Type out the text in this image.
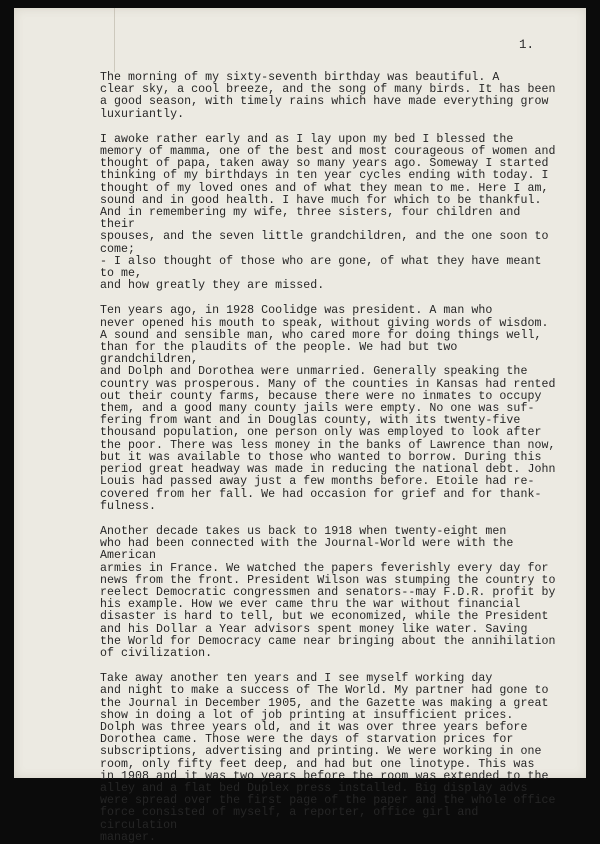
1.

The morning of my sixty-seventh birthday was beautiful. A
clear sky, a cool breeze, and the song of many birds. It has been
a good season, with timely rains which have made everything grow
luxuriantly.

I awoke rather early and as I lay upon my bed I blessed the
memory of mamma, one of the best and most courageous of women and
thought of papa, taken away so many years ago. Someway I started
thinking of my birthdays in ten year cycles ending with today. I
thought of my loved ones and of what they mean to me. Here I am,
sound and in good health. I have much for which to be thankful.
And in remembering my wife, three sisters, four children and their
spouses, and the seven little grandchildren, and the one soon to come;
- I also thought of those who are gone, of what they have meant to me,
and how greatly they are missed.

Ten years ago, in 1928 Coolidge was president. A man who
never opened his mouth to speak, without giving words of wisdom.
A sound and sensible man, who cared more for doing things well,
than for the plaudits of the people. We had but two grandchildren,
and Dolph and Dorothea were unmarried. Generally speaking the
country was prosperous. Many of the counties in Kansas had rented
out their county farms, because there were no inmates to occupy
them, and a good many county jails were empty. No one was suf-
fering from want and in Douglas county, with its twenty-five
thousand population, one person only was employed to look after
the poor. There was less money in the banks of Lawrence than now,
but it was available to those who wanted to borrow. During this
period great headway was made in reducing the national debt. John
Louis had passed away just a few months before. Etoile had re-
covered from her fall. We had occasion for grief and for thank-
fulness.

Another decade takes us back to 1918 when twenty-eight men
who had been connected with the Journal-World were with the American
armies in France. We watched the papers feverishly every day for
news from the front. President Wilson was stumping the country to
reelect Democratic congressmen and senators--may F.D.R. profit by
his example. How we ever came thru the war without financial
disaster is hard to tell, but we economized, while the President
and his Dollar a Year advisors spent money like water. Saving
the World for Democracy came near bringing about the annihilation
of civilization.

Take away another ten years and I see myself working day
and night to make a success of The World. My partner had gone to
the Journal in December 1905, and the Gazette was making a great
show in doing a lot of job printing at insufficient prices.
Dolph was three years old, and it was over three years before
Dorothea came. Those were the days of starvation prices for
subscriptions, advertising and printing. We were working in one
room, only fifty feet deep, and had but one linotype. This was
in 1908 and it was two years before the room was extended to the
alley and a flat bed Duplex press installed. Big display advs
were spread over the first page of the paper and the whole office
force consisted of myself, a reporter, office girl and circulation
manager.
